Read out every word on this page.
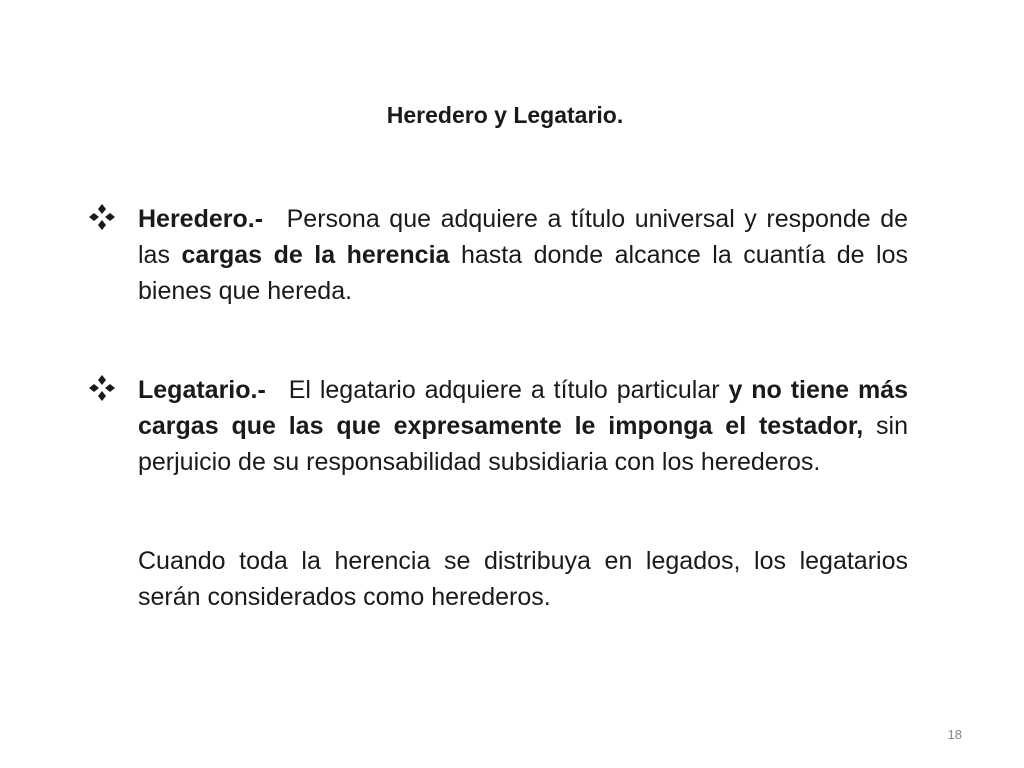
Heredero y Legatario.
Heredero.- Persona que adquiere a título universal y responde de las cargas de la herencia hasta donde alcance la cuantía de los bienes que hereda.
Legatario.- El legatario adquiere a título particular y no tiene más cargas que las que expresamente le imponga el testador, sin perjuicio de su responsabilidad subsidiaria con los herederos.
Cuando toda la herencia se distribuya en legados, los legatarios serán considerados como herederos.
18
